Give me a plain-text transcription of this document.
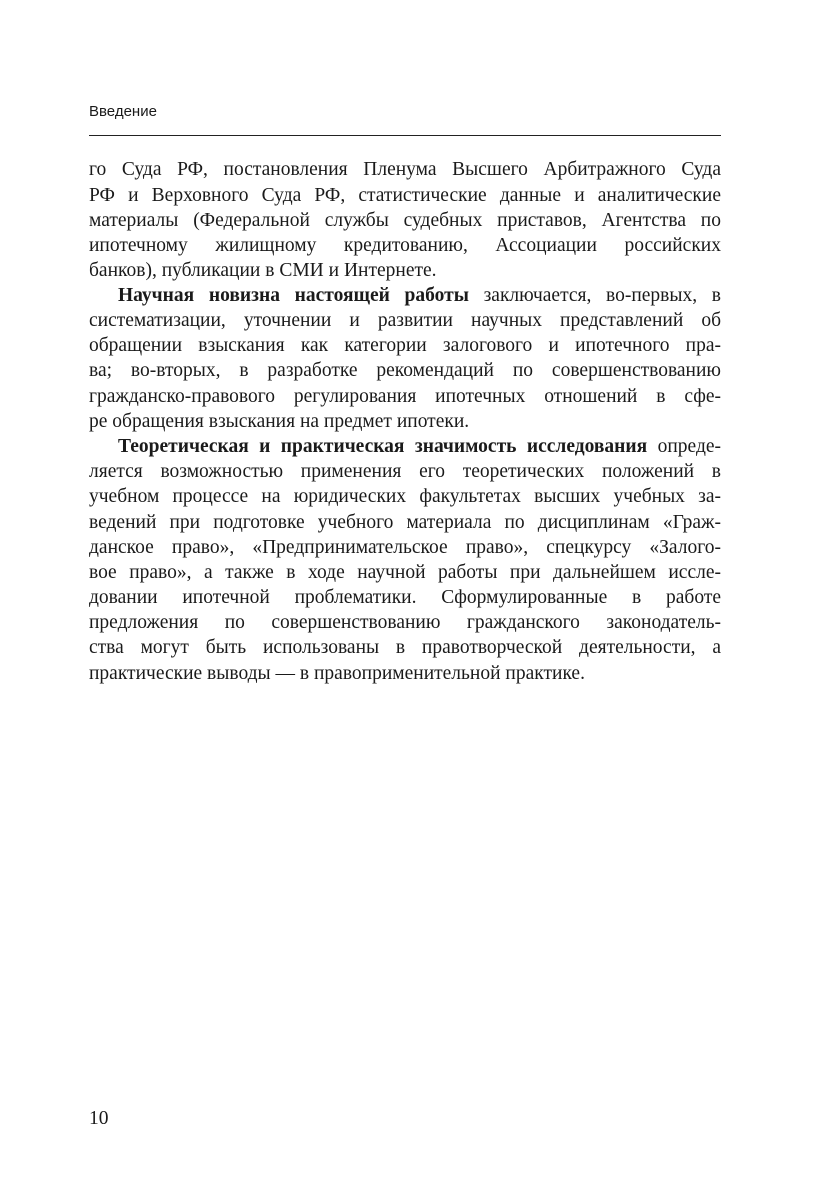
Введение
го Суда РФ, постановления Пленума Высшего Арбитражного Суда
РФ и Верховного Суда РФ, статистические данные и аналитические
материалы (Федеральной службы судебных приставов, Агентства по
ипотечному жилищному кредитованию, Ассоциации российских
банков), публикации в СМИ и Интернете.
Научная новизна настоящей работы заключается, во-первых, в
систематизации, уточнении и развитии научных представлений об
обращении взыскания как категории залогового и ипотечного пра-
ва; во-вторых, в разработке рекомендаций по совершенствованию
гражданско-правового регулирования ипотечных отношений в сфе-
ре обращения взыскания на предмет ипотеки.
Теоретическая и практическая значимость исследования опреде-
ляется возможностью применения его теоретических положений в
учебном процессе на юридических факультетах высших учебных за-
ведений при подготовке учебного материала по дисциплинам «Граж-
данское право», «Предпринимательское право», спецкурсу «Залого-
вое право», а также в ходе научной работы при дальнейшем иссле-
довании ипотечной проблематики. Сформулированные в работе
предложения по совершенствованию гражданского законодатель-
ства могут быть использованы в правотворческой деятельности, а
практические выводы — в правоприменительной практике.
10
